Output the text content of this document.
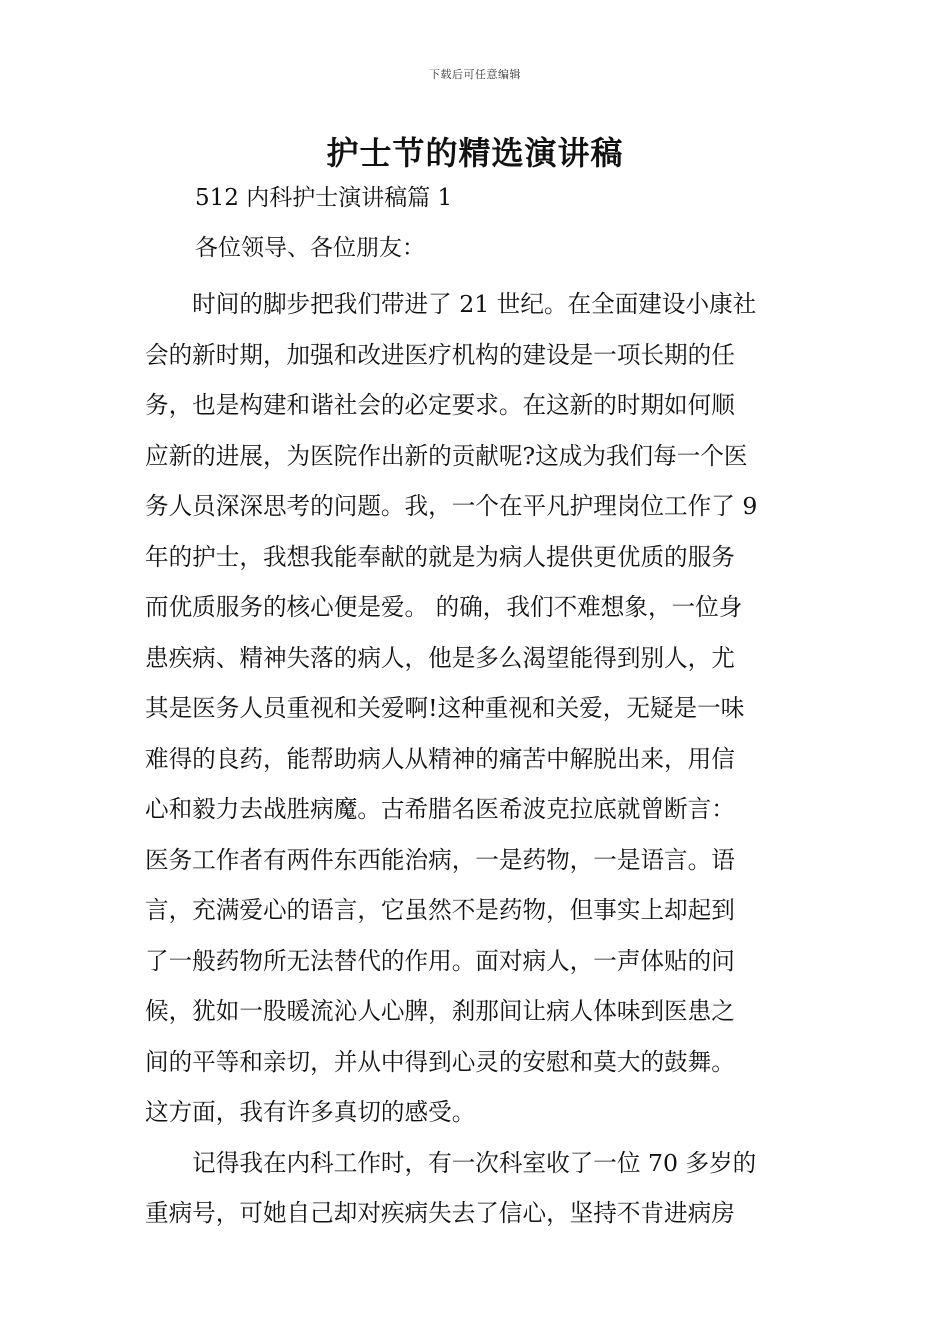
下载后可任意编辑
护士节的精选演讲稿
512 内科护士演讲稿篇 1
各位领导、各位朋友：
　　时间的脚步把我们带进了 21 世纪。在全面建设小康社
会的新时期，加强和改进医疗机构的建设是一项长期的任
务，也是构建和谐社会的必定要求。在这新的时期如何顺
应新的进展，为医院作出新的贡献呢?这成为我们每一个医
务人员深深思考的问题。我，一个在平凡护理岗位工作了 9
年的护士，我想我能奉献的就是为病人提供更优质的服务
而优质服务的核心便是爱。 的确，我们不难想象，一位身
患疾病、精神失落的病人，他是多么渴望能得到别人，尤
其是医务人员重视和关爱啊!这种重视和关爱，无疑是一味
难得的良药，能帮助病人从精神的痛苦中解脱出来，用信
心和毅力去战胜病魔。古希腊名医希波克拉底就曾断言：
医务工作者有两件东西能治病，一是药物，一是语言。语
言，充满爱心的语言，它虽然不是药物，但事实上却起到
了一般药物所无法替代的作用。面对病人，一声体贴的问
候，犹如一股暖流沁人心脾，刹那间让病人体味到医患之
间的平等和亲切，并从中得到心灵的安慰和莫大的鼓舞。
这方面，我有许多真切的感受。
　　记得我在内科工作时，有一次科室收了一位 70 多岁的
重病号，可她自己却对疾病失去了信心，坚持不肯进病房
